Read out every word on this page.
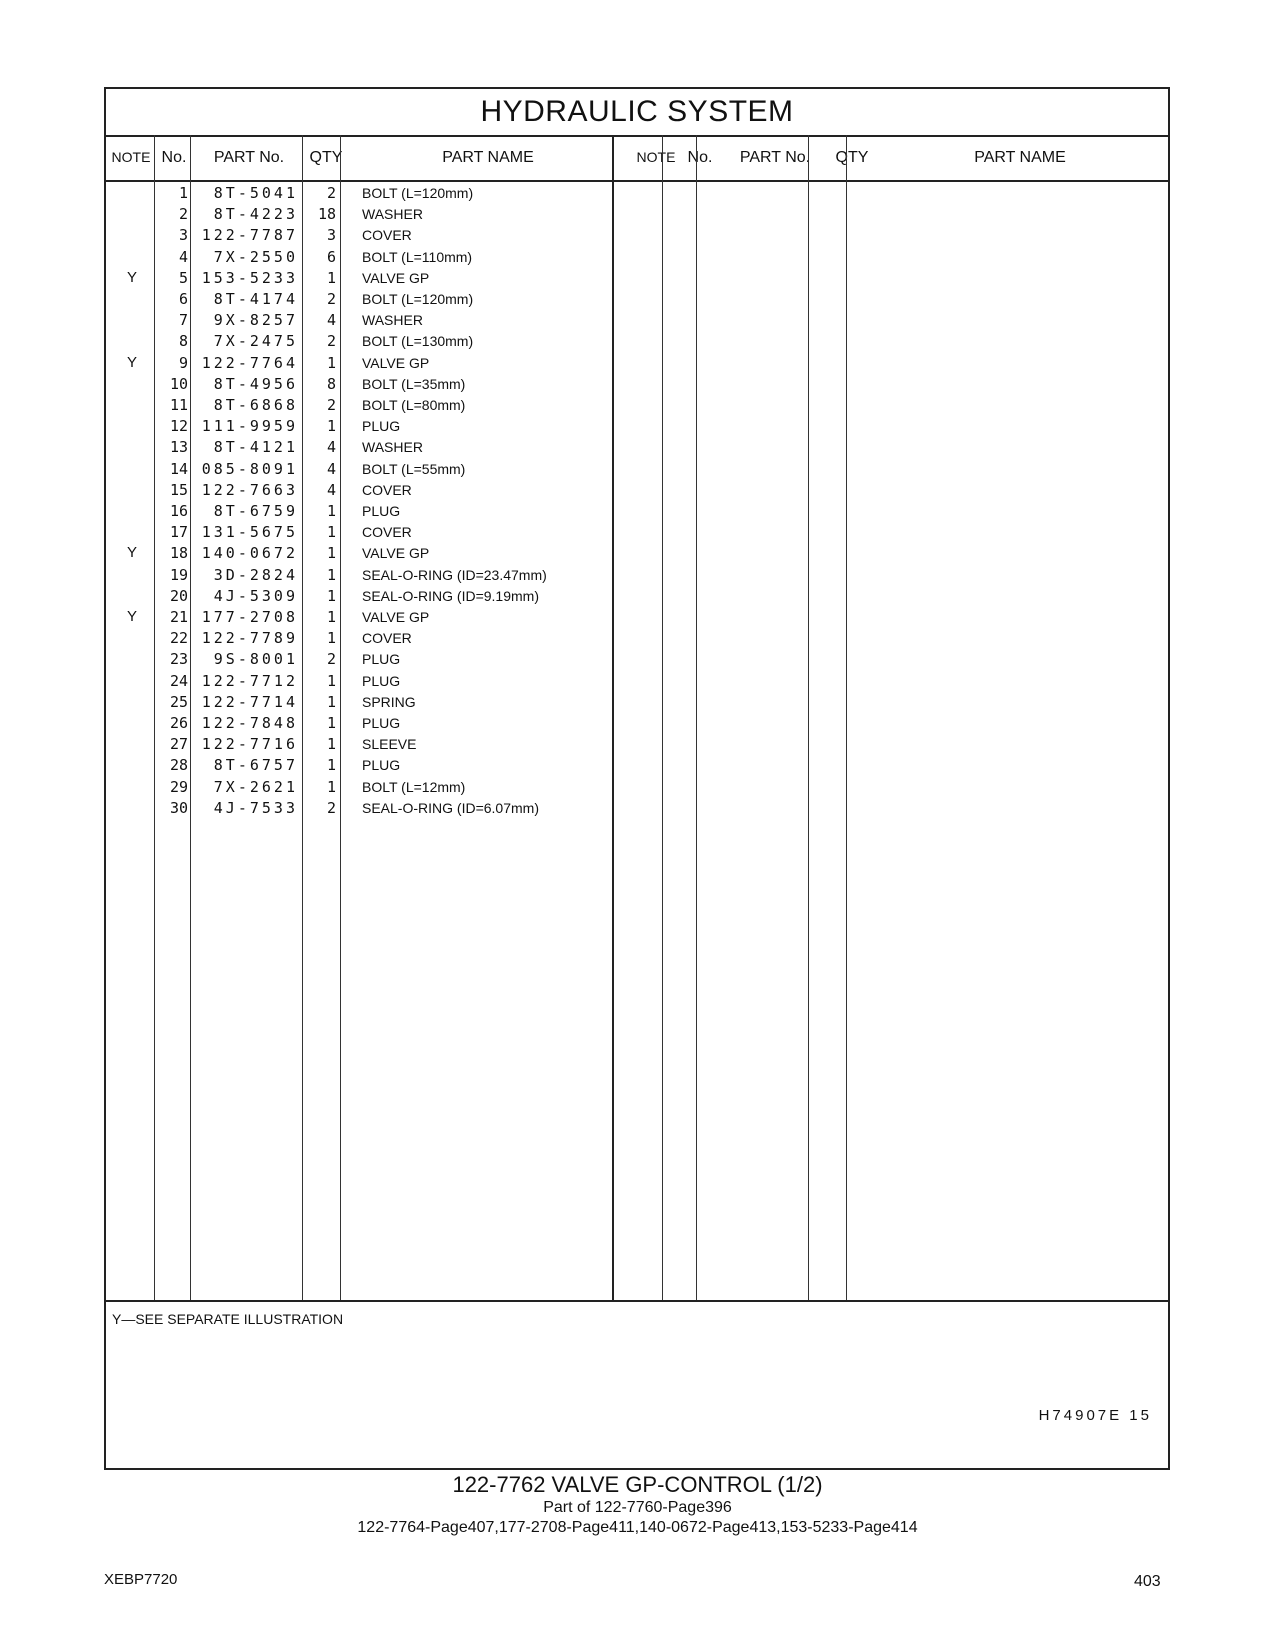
HYDRAULIC SYSTEM
NOTE No.	PART No.	QTY	PART NAME	NOTE No.	PART No.	QTY	PART NAME
1	8T-5041	2 BOLT (L=120mm)
2	8T-4223	18 WASHER
3 122-7787	3 COVER
4	7X-2550	6 BOLT (L=110mm)
Y	5 153-5233	1 VALVE GP
6	8T-4174	2 BOLT (L=120mm)
7	9X-8257	4 WASHER
8	7X-2475	2 BOLT (L=130mm)
Y	9 122-7764	1 VALVE GP
10	8T-4956	8 BOLT (L=35mm)
11	8T-6868	2 BOLT (L=80mm)
12 111-9959	1 PLUG
13	8T-4121	4 WASHER
14 085-8091	4 BOLT (L=55mm)
15 122-7663	4 COVER
16	8T-6759	1 PLUG
17 131-5675	1 COVER
Y	18 140-0672	1 VALVE GP
19	3D-2824	1 SEAL-O-RING (ID=23.47mm)
20	4J-5309	1 SEAL-O-RING (ID=9.19mm)
Y	21 177-2708	1 VALVE GP
22 122-7789	1 COVER
23	9S-8001	2 PLUG
24 122-7712	1 PLUG
25 122-7714	1 SPRING
26 122-7848	1 PLUG
27 122-7716	1 SLEEVE
28	8T-6757	1 PLUG
29	7X-2621	1 BOLT (L=12mm)
30	4J-7533	2 SEAL-O-RING (ID=6.07mm)
Y—SEE SEPARATE ILLUSTRATION
H74907E 15
122-7762 VALVE GP-CONTROL (1/2)
Part of 122-7760-Page396
122-7764-Page407,177-2708-Page411,140-0672-Page413,153-5233-Page414
XEBP7720	403
